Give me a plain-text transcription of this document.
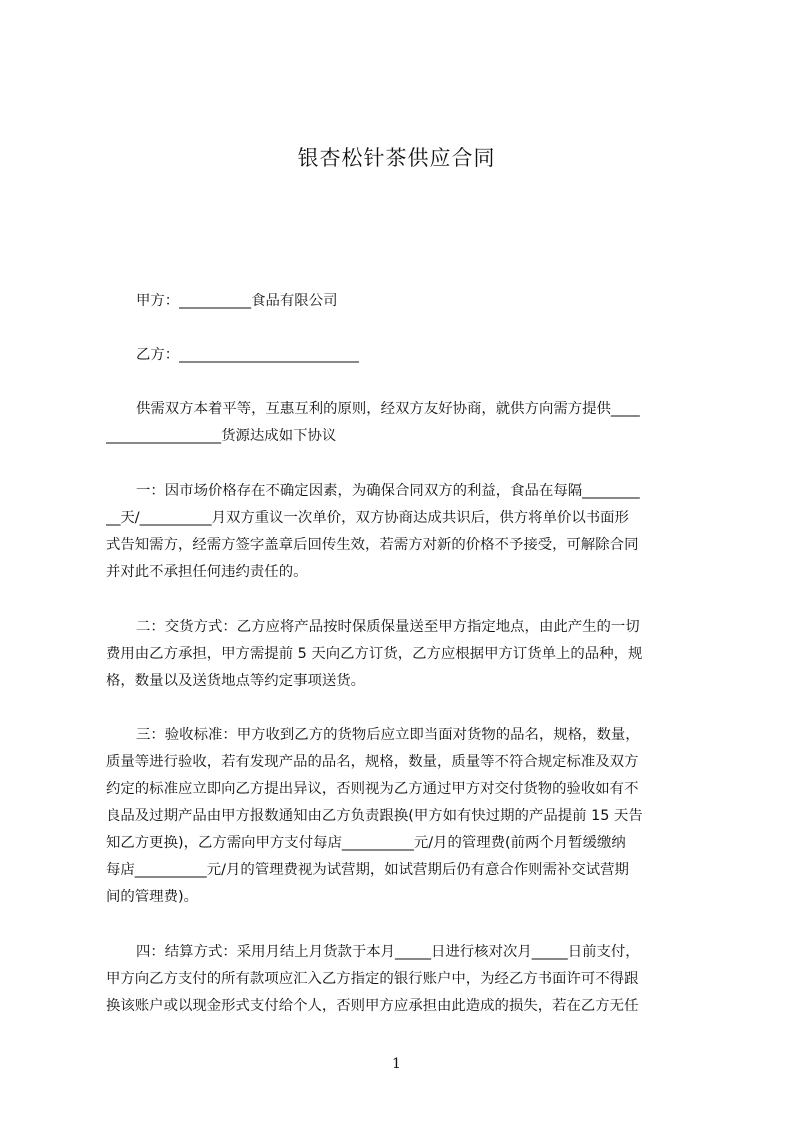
银杏松针茶供应合同
甲方：__________食品有限公司
乙方：_________________________
供需双方本着平等，互惠互利的原则，经双方友好协商，就供方向需方提供____
________________货源达成如下协议
一：因市场价格存在不确定因素，为确保合同双方的利益，食品在每隔________
__天/__________月双方重议一次单价，双方协商达成共识后，供方将单价以书面形
式告知需方，经需方签字盖章后回传生效，若需方对新的价格不予接受，可解除合同
并对此不承担任何违约责任的。
二：交货方式：乙方应将产品按时保质保量送至甲方指定地点，由此产生的一切
费用由乙方承担，甲方需提前 5 天向乙方订货，乙方应根据甲方订货单上的品种，规
格，数量以及送货地点等约定事项送货。
三：验收标准：甲方收到乙方的货物后应立即当面对货物的品名，规格，数量，
质量等进行验收，若有发现产品的品名，规格，数量，质量等不符合规定标准及双方
约定的标准应立即向乙方提出异议，否则视为乙方通过甲方对交付货物的验收如有不
良品及过期产品由甲方报数通知由乙方负责跟换(甲方如有快过期的产品提前 15 天告
知乙方更换)，乙方需向甲方支付每店__________元/月的管理费(前两个月暂缓缴纳
每店__________元/月的管理费视为试营期，如试营期后仍有意合作则需补交试营期
间的管理费)。
四：结算方式：采用月结上月货款于本月_____日进行核对次月_____日前支付，
甲方向乙方支付的所有款项应汇入乙方指定的银行账户中，为经乙方书面许可不得跟
换该账户或以现金形式支付给个人，否则甲方应承担由此造成的损失，若在乙方无任
1
